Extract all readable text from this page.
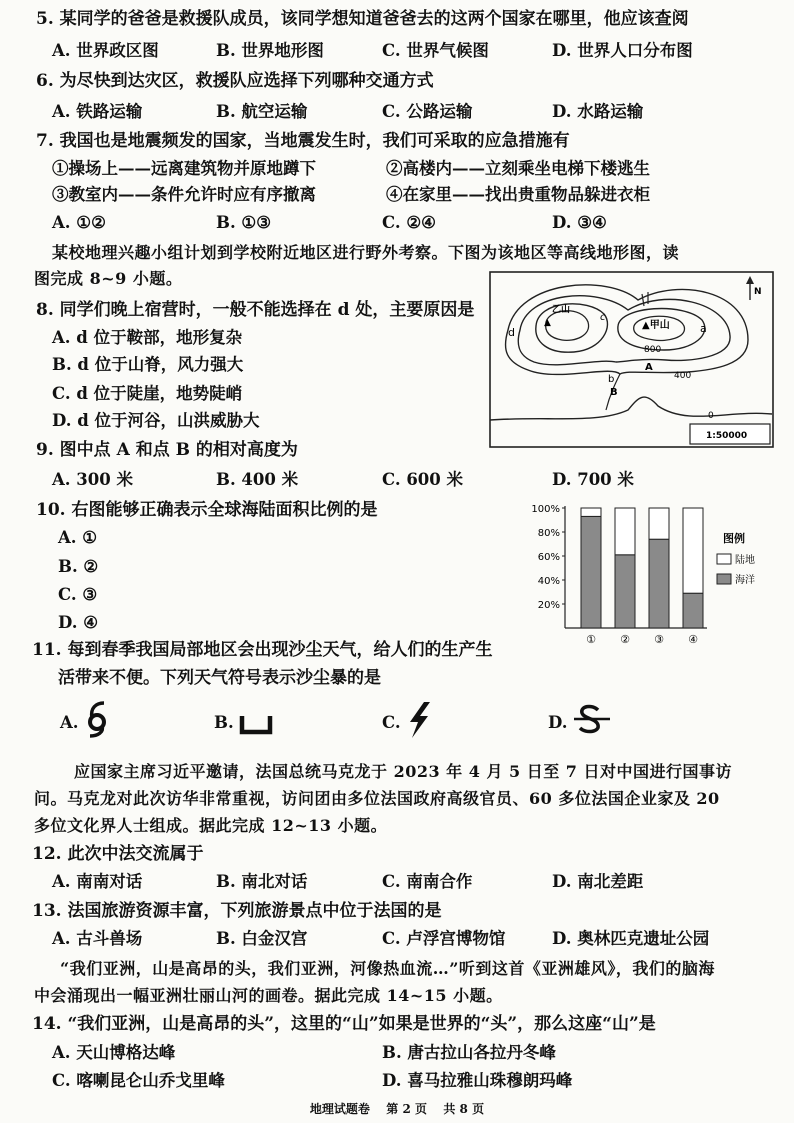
5. 某同学的爸爸是救援队成员，该同学想知道爸爸去的这两个国家在哪里，他应该查阅
A. 世界政区图	B. 世界地形图	C. 世界气候图	D. 世界人口分布图
6. 为尽快到达灾区，救援队应选择下列哪种交通方式
A. 铁路运输	B. 航空运输	C. 公路运输	D. 水路运输
7. 我国也是地震频发的国家，当地震发生时，我们可采取的应急措施有
①操场上——远离建筑物并原地蹲下	②高楼内——立刻乘坐电梯下楼逃生
③教室内——条件允许时应有序撤离	④在家里——找出贵重物品躲进衣柜
A. ①②	B. ①③	C. ②④	D. ③④
某校地理兴趣小组计划到学校附近地区进行野外考察。下图为该地区等高线地形图，读
图完成 8~9 小题。
乙山
▲	▲甲山
c
d	a
b
A
B
800
400
0
N
1:50000
8. 同学们晚上宿营时，一般不能选择在 d 处，主要原因是
A. d 位于鞍部，地形复杂
B. d 位于山脊，风力强大
C. d 位于陡崖，地势陡峭
D. d 位于河谷，山洪威胁大
9. 图中点 A 和点 B 的相对高度为
A. 300 米	B. 400 米	C. 600 米	D. 700 米
10. 右图能够正确表示全球海陆面积比例的是
A. ①
B. ②
C. ③
D. ④
20%
40%
60%
80%
100%
① ② ③ ④
图例
陆地
海洋
11. 每到春季我国局部地区会出现沙尘天气，给人们的生产生
活带来不便。下列天气符号表示沙尘暴的是
A.	B.	C.	D.
应国家主席习近平邀请，法国总统马克龙于 2023 年 4 月 5 日至 7 日对中国进行国事访
问。马克龙对此次访华非常重视，访问团由多位法国政府高级官员、60 多位法国企业家及 20
多位文化界人士组成。据此完成 12~13 小题。
12. 此次中法交流属于
A. 南南对话	B. 南北对话	C. 南南合作	D. 南北差距
13. 法国旅游资源丰富，下列旅游景点中位于法国的是
A. 古斗兽场	B. 白金汉宫	C. 卢浮宫博物馆	D. 奥林匹克遗址公园
“我们亚洲，山是高昂的头，我们亚洲，河像热血流…”听到这首《亚洲雄风》，我们的脑海
中会涌现出一幅亚洲壮丽山河的画卷。据此完成 14~15 小题。
14. “我们亚洲，山是高昂的头”，这里的“山”如果是世界的“头”，那么这座“山”是
A. 天山博格达峰	B. 唐古拉山各拉丹冬峰
C. 喀喇昆仑山乔戈里峰	D. 喜马拉雅山珠穆朗玛峰
地理试题卷 第 2 页 共 8 页
